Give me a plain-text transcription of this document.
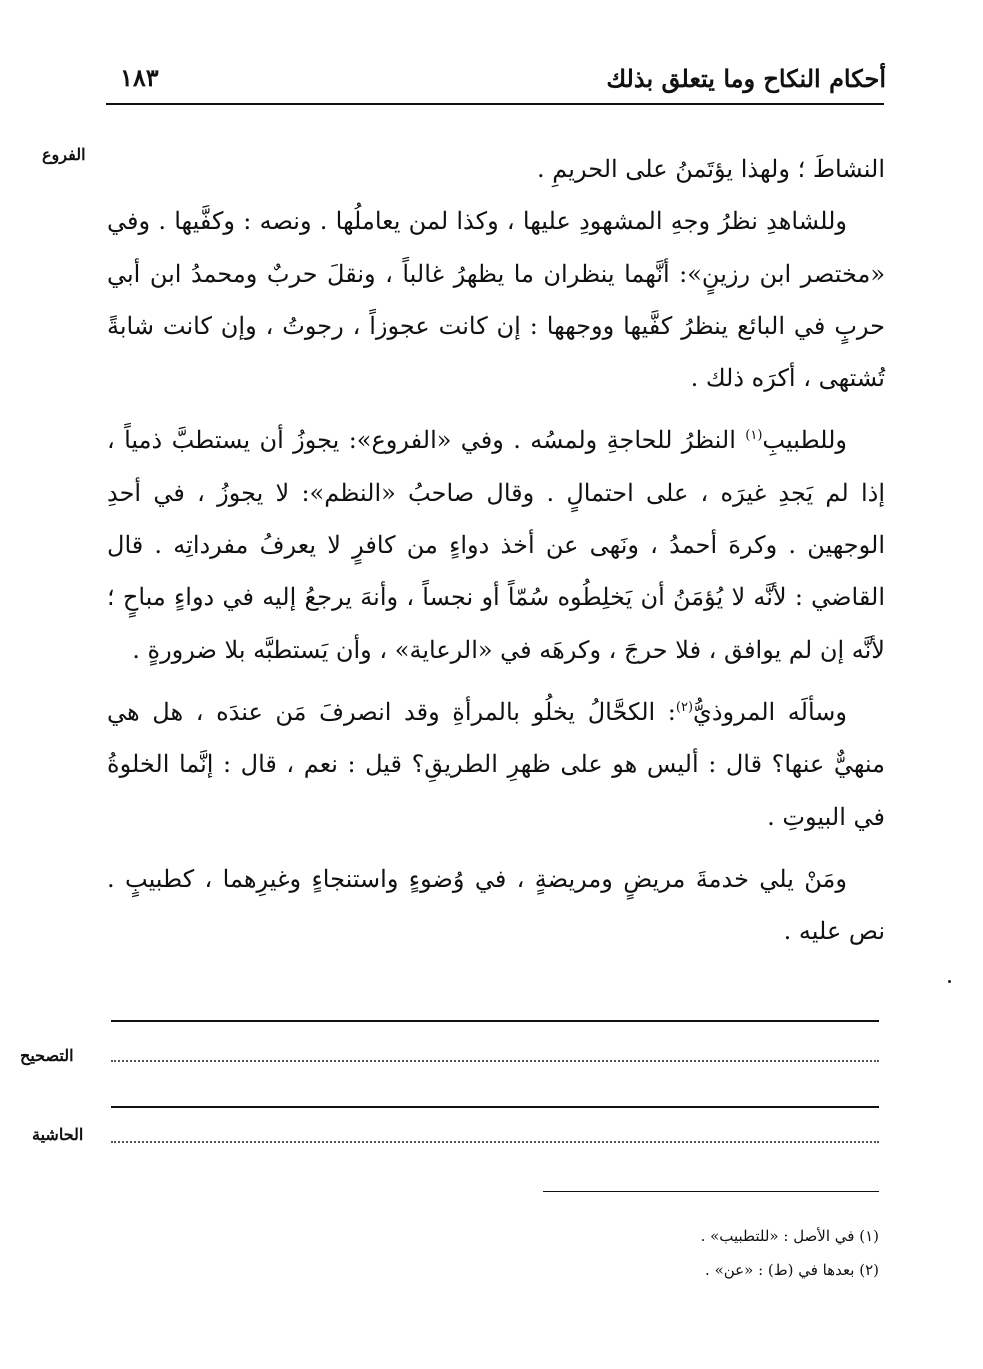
أحكام النكاح وما يتعلق بذلك
١٨٣
الفروع

النشاطَ ؛ ولهذا يؤتَمنُ على الحريمِ .

وللشاهدِ نظرُ وجهِ المشهودِ عليها ، وكذا لمن يعاملُها . ونصه : وكفَّيها . وفي «مختصر ابن رزينٍ»: أنَّهما ينظران ما يظهرُ غالباً ، ونقلَ حربٌ ومحمدُ ابن أبي حربٍ في البائع ينظرُ كفَّيها ووجهها : إن كانت عجوزاً ، رجوتُ ، وإن كانت شابةً تُشتهى ، أكرَه ذلك .

وللطبيبِ$^{(١)}$ النظرُ للحاجةِ ولمسُه . وفي «الفروع»: يجوزُ أن يستطبَّ ذمياً ، إذا لم يَجدِ غيرَه ، على احتمالٍ . وقال صاحبُ «النظم»: لا يجوزُ ، في أحدِ الوجهين . وكرهَ أحمدُ ، ونَهى عن أخذ دواءٍ من كافرٍ لا يعرفُ مفرداتِه . قال القاضي : لأنَّه لا يُؤمَنُ أن يَخلِطُوه سُمّاً أو نجساً ، وأنهَ يرجعُ إليه في دواءٍ مباحٍ ؛ لأنَّه إن لم يوافق ، فلا حرجَ ، وكرهَه في «الرعاية» ، وأن يَستطبَّه بلا ضرورةٍ .

وسألَه المروذيُّ$^{(٢)}$: الكحَّالُ يخلُو بالمرأةِ وقد انصرفَ مَن عندَه ، هل هي منهيٌّ عنها؟ قال : أليس هو على ظهرِ الطريقِ؟ قيل : نعم ، قال : إنَّما الخلوةُ في البيوتِ .

ومَنْ يلي خدمةَ مريضٍ ومريضةٍ ، في وُضوءٍ واستنجاءٍ وغيرِهما ، كطبيبٍ . نص عليه .

التصحيح
الحاشية

(١) في الأصل : «للتطبيب» .

(٢) بعدها في (ط) : «عن» .
